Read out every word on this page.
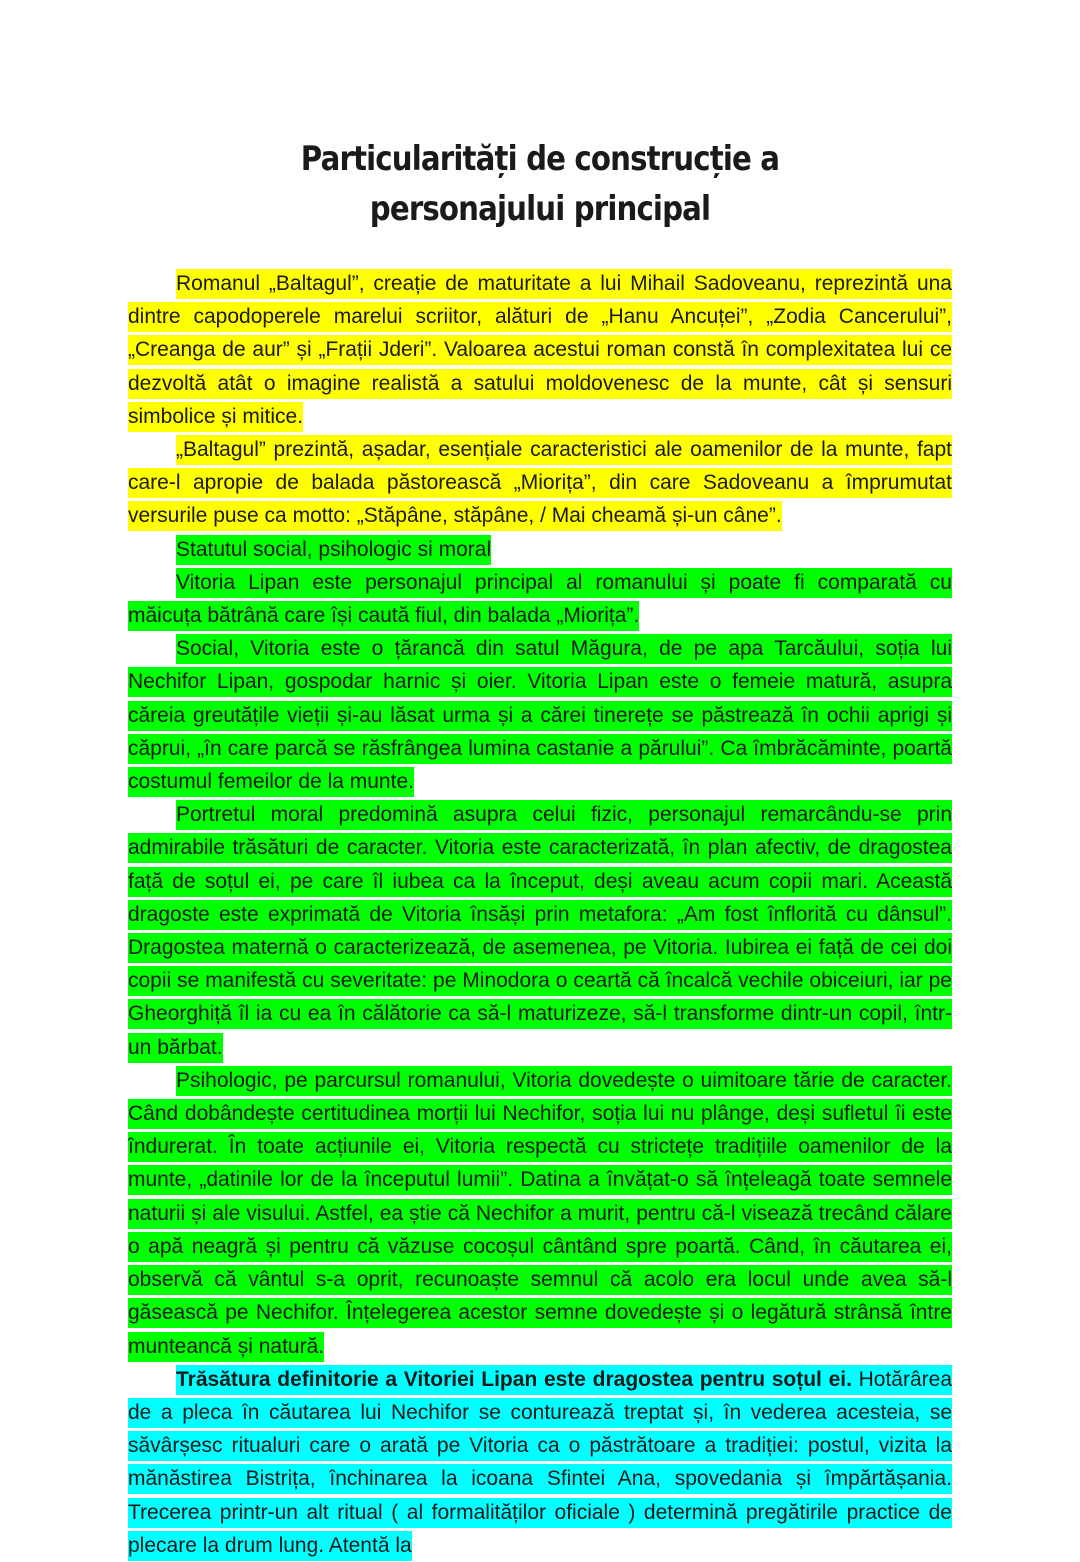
Particularități de construcție a personajului principal

Romanul „Baltagul”, creație de maturitate a lui Mihail Sadoveanu, reprezintă una dintre capodoperele marelui scriitor, alături de „Hanu Ancuței”, „Zodia Cancerului”, „Creanga de aur” și „Frații Jderi”. Valoarea acestui roman constă în complexitatea lui ce dezvoltă atât o imagine realistă a satului moldovenesc de la munte, cât și sensuri simbolice și mitice.

„Baltagul” prezintă, așadar, esențiale caracteristici ale oamenilor de la munte, fapt care-l apropie de balada păstorească „Miorița”, din care Sadoveanu a împrumutat versurile puse ca motto: „Stăpâne, stăpâne, / Mai cheamă și-un câne”.

Statutul social, psihologic si moral

Vitoria Lipan este personajul principal al romanului și poate fi comparată cu măicuța bătrână care își caută fiul, din balada „Miorița”.

Social, Vitoria este o țărancă din satul Măgura, de pe apa Tarcăului, soția lui Nechifor Lipan, gospodar harnic și oier. Vitoria Lipan este o femeie matură, asupra căreia greutățile vieții și-au lăsat urma și a cărei tinerețe se păstrează în ochii aprigi și căprui, „în care parcă se răsfrângea lumina castanie a părului”. Ca îmbrăcăminte, poartă costumul femeilor de la munte.

Portretul moral predomină asupra celui fizic, personajul remarcându-se prin admirabile trăsături de caracter. Vitoria este caracterizată, în plan afectiv, de dragostea față de soțul ei, pe care îl iubea ca la început, deși aveau acum copii mari. Această dragoste este exprimată de Vitoria însăși prin metafora: „Am fost înflorită cu dânsul”. Dragostea maternă o caracterizează, de asemenea, pe Vitoria. Iubirea ei față de cei doi copii se manifestă cu severitate: pe Minodora o ceartă că încalcă vechile obiceiuri, iar pe Gheorghiță îl ia cu ea în călătorie ca să-l maturizeze, să-l transforme dintr-un copil, într-un bărbat.

Psihologic, pe parcursul romanului, Vitoria dovedește o uimitoare tărie de caracter. Când dobândește certitudinea morții lui Nechifor, soția lui nu plânge, deși sufletul îi este îndurerat. În toate acțiunile ei, Vitoria respectă cu strictețe tradițiile oamenilor de la munte, „datinile lor de la începutul lumii”. Datina a învățat-o să înțeleagă toate semnele naturii și ale visului. Astfel, ea știe că Nechifor a murit, pentru că-l visează trecând călare o apă neagră și pentru că văzuse cocoșul cântând spre poartă. Când, în căutarea ei, observă că vântul s-a oprit, recunoaște semnul că acolo era locul unde avea să-l găsească pe Nechifor. Înțelegerea acestor semne dovedește și o legătură strânsă între munteancă și natură.

Trăsătura definitorie a Vitoriei Lipan este dragostea pentru soțul ei. Hotărârea de a pleca în căutarea lui Nechifor se conturează treptat și, în vederea acesteia, se săvârșesc ritualuri care o arată pe Vitoria ca o păstrătoare a tradiției: postul, vizita la mănăstirea Bistrița, închinarea la icoana Sfintei Ana, spovedania și împărtășania. Trecerea printr-un alt ritual ( al formalităților oficiale ) determină pregătirile practice de plecare la drum lung. Atentă la
